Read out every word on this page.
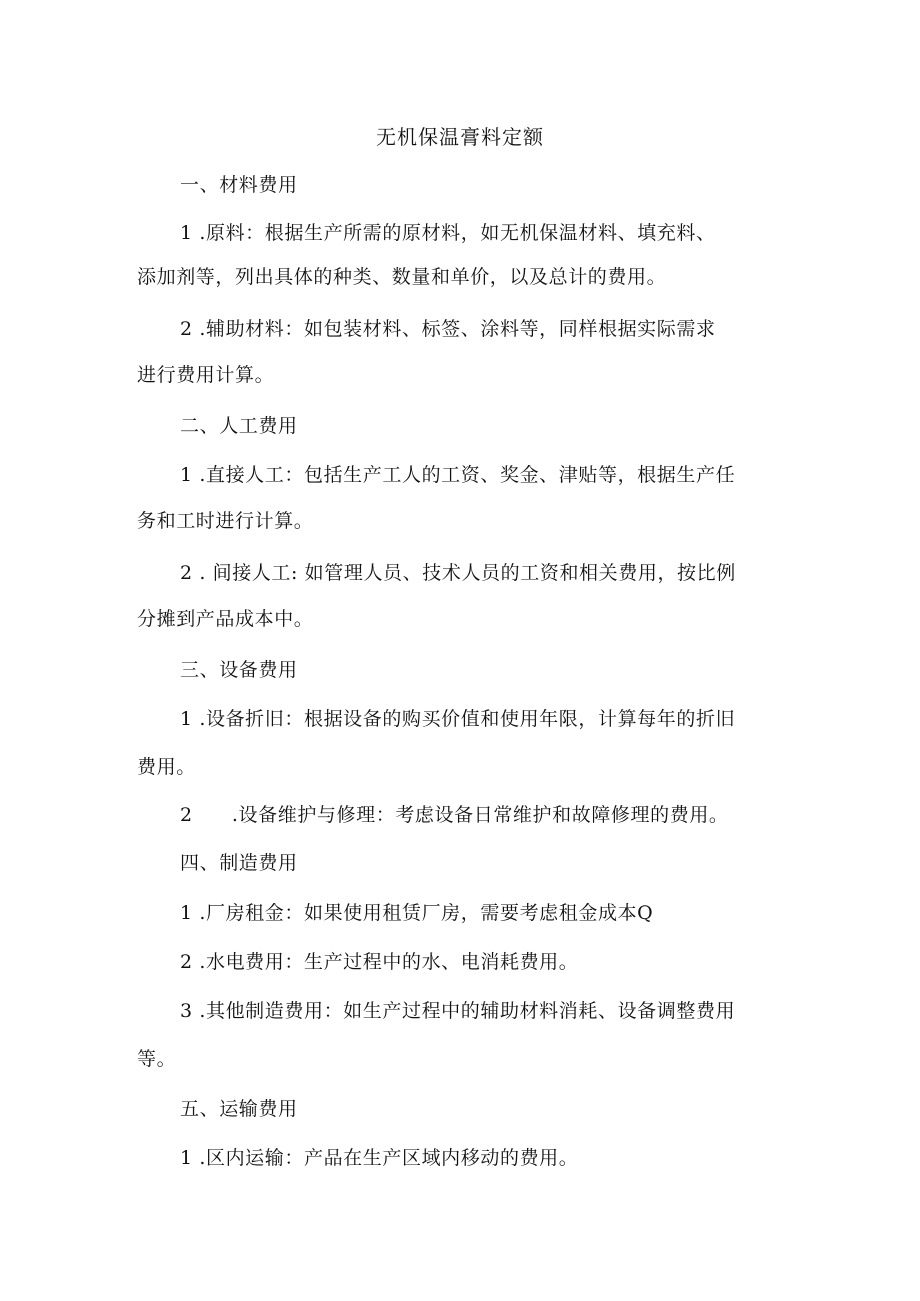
无机保温膏料定额
一、材料费用
1 .原料：根据生产所需的原材料，如无机保温材料、填充料、
添加剂等，列出具体的种类、数量和单价，以及总计的费用。
2 .辅助材料：如包装材料、标签、涂料等，同样根据实际需求
进行费用计算。
二、人工费用
1 .直接人工：包括生产工人的工资、奖金、津贴等，根据生产任
务和工时进行计算。
2 . 间接人工: 如管理人员、技术人员的工资和相关费用，按比例
分摊到产品成本中。
三、设备费用
1 .设备折旧：根据设备的购买价值和使用年限，计算每年的折旧
费用。
2　　.设备维护与修理：考虑设备日常维护和故障修理的费用。
四、制造费用
1 .厂房租金：如果使用租赁厂房，需要考虑租金成本Q
2 .水电费用：生产过程中的水、电消耗费用。
3 .其他制造费用：如生产过程中的辅助材料消耗、设备调整费用
等。
五、运输费用
1 .区内运输：产品在生产区域内移动的费用。
